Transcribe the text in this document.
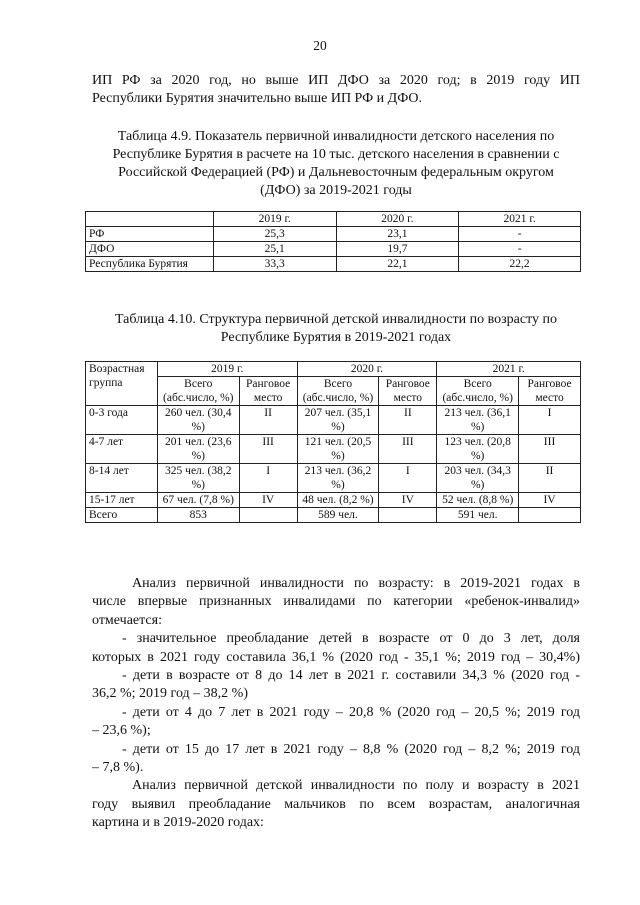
20
ИП РФ за 2020 год, но выше ИП ДФО за 2020 год; в 2019 году ИП
Республики Бурятия значительно выше ИП РФ и ДФО.
Таблица 4.9. Показатель первичной инвалидности детского населения по
Республике Бурятия в расчете на 10 тыс. детского населения в сравнении с
Российской Федерацией (РФ) и Дальневосточным федеральным округом
(ДФО) за 2019-2021 годы
	2019 г.	2020 г.	2021 г.
РФ	25,3	23,1	-
ДФО	25,1	19,7	-
Республика Бурятия	33,3	22,1	22,2
Таблица 4.10. Структура первичной детской инвалидности по возрасту по
Республике Бурятия в 2019-2021 годах
Возрастная группа	2019 г.		2020 г.		2021 г.	
	Всего (абс.число, %)	Ранговое место	Всего (абс.число, %)	Ранговое место	Всего (абс.число, %)	Ранговое место
0-3 года	260 чел. (30,4 %)	II	207 чел. (35,1 %)	II	213 чел. (36,1 %)	I
4-7 лет	201 чел. (23,6 %)	III	121 чел. (20,5 %)	III	123 чел. (20,8 %)	III
8-14 лет	325 чел. (38,2 %)	I	213 чел. (36,2 %)	I	203 чел. (34,3 %)	II
15-17 лет	67 чел. (7,8 %)	IV	48 чел. (8,2 %)	IV	52 чел. (8,8 %)	IV
Всего	853		589 чел.		591 чел.	
Анализ первичной инвалидности по возрасту: в 2019-2021 годах в
числе впервые признанных инвалидами по категории «ребенок-инвалид»
отмечается:
- значительное преобладание детей в возрасте от 0 до 3 лет, доля
которых в 2021 году составила 36,1 % (2020 год - 35,1 %; 2019 год – 30,4%)
- дети в возрасте от 8 до 14 лет в 2021 г. составили 34,3 % (2020 год -
36,2 %; 2019 год – 38,2 %)
- дети от 4 до 7 лет в 2021 году – 20,8 % (2020 год – 20,5 %; 2019 год
– 23,6 %);
- дети от 15 до 17 лет в 2021 году – 8,8 % (2020 год – 8,2 %; 2019 год
– 7,8 %).
Анализ первичной детской инвалидности по полу и возрасту в 2021
году выявил преобладание мальчиков по всем возрастам, аналогичная
картина и в 2019-2020 годах:
